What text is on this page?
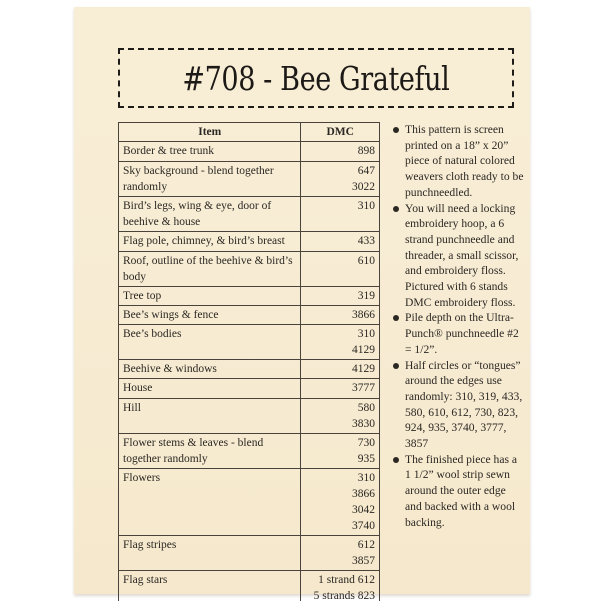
#708 - Bee Grateful
Item	DMC
Border & tree trunk	898

Sky background - blend together randomly	647
3022

Bird’s legs, wing & eye, door of beehive & house	310

Flag pole, chimney, & bird’s breast	433

Roof, outline of the beehive & bird’s body	610

Tree top	319

Bee’s wings & fence	3866

Bee’s bodies	310
4129

Beehive & windows	4129

House	3777

Hill	580
3830

Flower stems & leaves - blend together randomly	730
935

Flowers	310
3866
3042
3740

Flag stripes	612
3857

Flag stars	1 strand 612
5 strands 823
This pattern is screen printed on a 18” x 20” piece of natural colored weavers cloth ready to be punchneedled.
You will need a locking embroidery hoop, a 6 strand punchneedle and threader, a small scissor, and embroidery floss. Pictured with 6 stands DMC embroidery floss.
Pile depth on the Ultra-Punch® punchneedle #2 = 1/2”.
Half circles or “tongues” around the edges use randomly: 310, 319, 433, 580, 610, 612, 730, 823, 924, 935, 3740, 3777, 3857
The finished piece has a 1 1/2” wool strip sewn around the outer edge and backed with a wool backing.
